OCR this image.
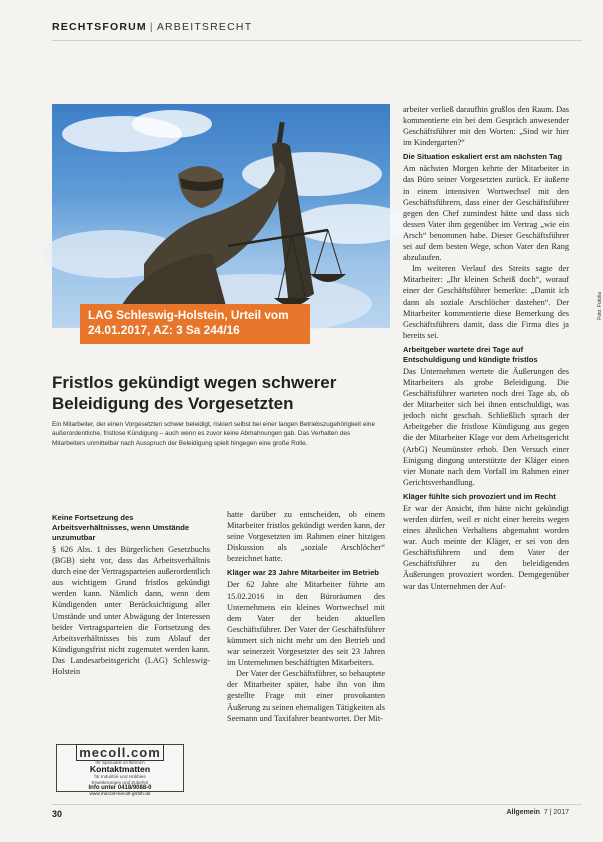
RECHTSFORUM | ARBEITSRECHT
Foto: Fotolia
LAG Schleswig-Holstein, Urteil vom 24.01.2017, AZ: 3 Sa 244/16
Fristlos gekündigt wegen schwerer Beleidigung des Vorgesetzten
Ein Mitarbeiter, der einen Vorgesetzten schwer beleidigt, riskiert selbst bei einer langen Betriebszugehörigkeit eine außerordentliche, fristlose Kündigung – auch wenn es zuvor keine Abmahnungen gab. Das Verhalten des Mitarbeiters unmittelbar nach Ausspruch der Beleidigung spielt hingegen eine große Rolle.
Keine Fortsetzung des Arbeitsverhältnisses, wenn Umstände unzumutbar

§ 626 Abs. 1 des Bürgerlichen Gesetzbuchs (BGB) sieht vor, dass das Arbeitsverhältnis durch eine der Vertragsparteien außerordentlich aus wichtigem Grund fristlos gekündigt werden kann. Nämlich dann, wenn dem Kündigenden unter Berücksichtigung aller Umstände und unter Abwägung der Interessen beider Vertragsparteien die Fortsetzung des Arbeitsverhältnisses bis zum Ablauf der Kündigungsfrist nicht zugemutet werden kann. Das Landesarbeitsgericht (LAG) Schleswig-Holstein

mecoll.com
Ihr Spezialist im Bereich
Kontaktmatten
für Industrie und Hobbies
Erweiterungen und Zubehör
Info unter 0418/9088-0
www.mecoll-mecoll-gmbh.de

hatte darüber zu entscheiden, ob einem Mitarbeiter fristlos gekündigt werden kann, der seine Vorgesetzten im Rahmen einer hitzigen Diskussion als „soziale Arschlöcher“ bezeichnet hatte.

Kläger war 23 Jahre Mitarbeiter im Betrieb

Der 62 Jahre alte Mitarbeiter führte am 15.02.2016 in den Büroräumen des Unternehmens ein kleines Wortwechsel mit dem Vater der beiden aktuellen Geschäftsführer. Der Vater der Geschäftsführer kümmert sich nicht mehr um den Betrieb und war seinerzeit Vorgesetzter des seit 23 Jahren im Unternehmen beschäftigten Mitarbeiters.

Der Vater der Geschäftsführer, so behauptete der Mitarbeiter später, habe ihn von ihm gestellte Frage mit einer provokanten Äußerung zu seinen ehemaligen Tätigkeiten als Seemann und Taxifahrer beantwortet. Der Mit-

arbeiter verließ daraufhin grußlos den Raum. Das kommentierte ein bei dem Gespräch anwesender Geschäftsführer mit den Worten: „Sind wir hier im Kindergarten?“

Die Situation eskaliert erst am nächsten Tag

Am nächsten Morgen kehrte der Mitarbeiter in das Büro seiner Vorgesetzten zurück. Er äußerte in einem intensiven Wortwechsel mit den Geschäftsführern, dass einer der Geschäftsführer gegen den Chef zumindest hätte und dass sich dessen Vater ihm gegenüber im Vertrag „wie ein Arsch“ benommen habe. Dieser Geschäftsführer sei auf dem besten Wege, schon Vater den Rang abzulaufen.

Im weiteren Verlauf des Streits sagte der Mitarbeiter: „Ihr kleinen Scheiß doch“, worauf einer der Geschäftsführer bemerkte: „Damit ich dann als soziale Arschlöcher dastehen“. Der Mitarbeiter kommentierte diese Bemerkung des Geschäftsführers damit, dass die Firma dies ja bereits sei.

Arbeitgeber wartete drei Tage auf Entschuldigung und kündigte fristlos

Das Unternehmen wertete die Äußerungen des Mitarbeiters als grobe Beleidigung. Die Geschäftsführer warteten noch drei Tage ab, ob der Mitarbeiter sich bei ihnen entschuldigt, was jedoch nicht geschah. Schließlich sprach der Arbeitgeber die fristlose Kündigung aus gegen die der Mitarbeiter Klage vor dem Arbeitsgericht (ArbG) Neumünster erhob. Den Versuch einer Einigung dingung unterstützte der Kläger einen vier Monate nach dem Vorfall im Rahmen einer Gerichtsverhandlung.

Kläger fühlte sich provoziert und im Recht

Er war der Ansicht, ihm hätte nicht gekündigt werden dürfen, weil er nicht einer bereits wegen eines ähnlichen Verhaltens abgemahnt worden war. Auch meinte der Kläger, er sei von den Geschäftsführern und dem Vater der Geschäftsführer zu den beleidigenden Äußerungen provoziert worden. Demgegenüber war das Unternehmen der Auf-

30	Allgemein 7 | 2017
